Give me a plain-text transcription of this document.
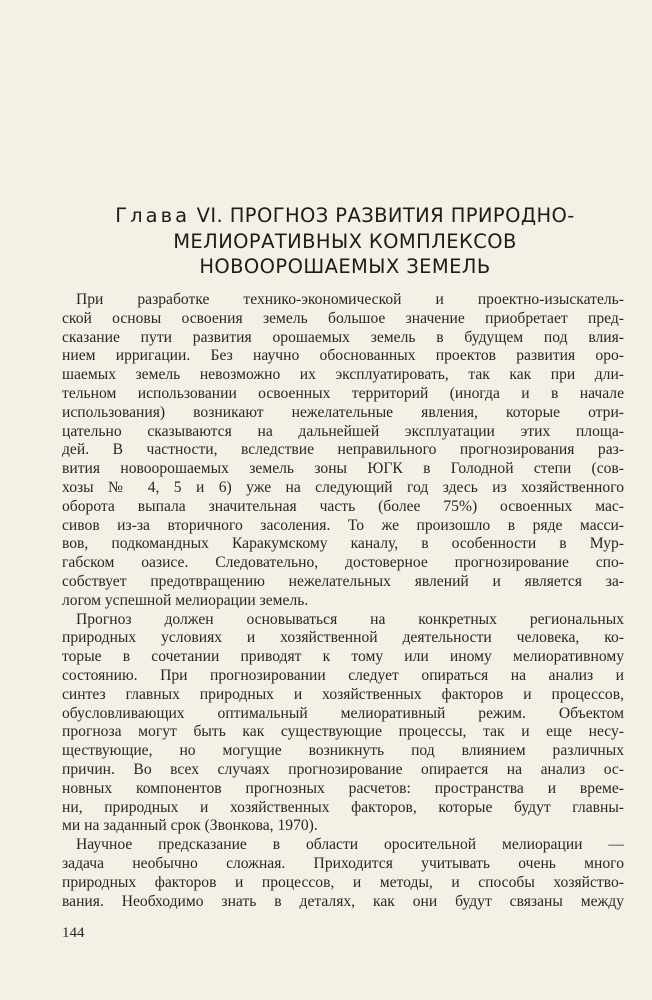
Глава VI. ПРОГНОЗ РАЗВИТИЯ ПРИРОДНО-
МЕЛИОРАТИВНЫХ КОМПЛЕКСОВ
НОВООРОШАЕМЫХ ЗЕМЕЛЬ
При разработке технико-экономической и проектно-изыскатель-
ской основы освоения земель большое значение приобретает пред-
сказание пути развития орошаемых земель в будущем под влия-
нием ирригации. Без научно обоснованных проектов развития оро-
шаемых земель невозможно их эксплуатировать, так как при дли-
тельном использовании освоенных территорий (иногда и в начале
использования) возникают нежелательные явления, которые отри-
цательно сказываются на дальнейшей эксплуатации этих площа-
дей. В частности, вследствие неправильного прогнозирования раз-
вития новоорошаемых земель зоны ЮГК в Голодной степи (сов-
хозы № 4, 5 и 6) уже на следующий год здесь из хозяйственного
оборота выпала значительная часть (более 75%) освоенных мас-
сивов из-за вторичного засоления. То же произошло в ряде масси-
вов, подкомандных Каракумскому каналу, в особенности в Мур-
габском оазисе. Следовательно, достоверное прогнозирование спо-
собствует предотвращению нежелательных явлений и является за-
логом успешной мелиорации земель.
Прогноз должен основываться на конкретных региональных
природных условиях и хозяйственной деятельности человека, ко-
торые в сочетании приводят к тому или иному мелиоративному
состоянию. При прогнозировании следует опираться на анализ и
синтез главных природных и хозяйственных факторов и процессов,
обусловливающих оптимальный мелиоративный режим. Объектом
прогноза могут быть как существующие процессы, так и еще несу-
ществующие, но могущие возникнуть под влиянием различных
причин. Во всех случаях прогнозирование опирается на анализ ос-
новных компонентов прогнозных расчетов: пространства и време-
ни, природных и хозяйственных факторов, которые будут главны-
ми на заданный срок (Звонкова, 1970).
Научное предсказание в области оросительной мелиорации —
задача необычно сложная. Приходится учитывать очень много
природных факторов и процессов, и методы, и способы хозяйство-
вания. Необходимо знать в деталях, как они будут связаны между
144
